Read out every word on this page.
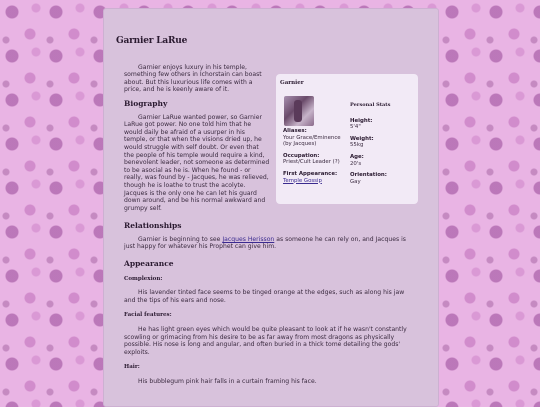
Garnier LaRue

Garnier enjoys luxury in his temple, something few others in Ichorstain can boast about. But this luxurious life comes with a price, and he is keenly aware of it.

Biography

Garnier LaRue wanted power, so Garnier LaRue got power. No one told him that he would daily be afraid of a usurper in his temple, or that when the visions dried up, he would struggle with self doubt. Or even that the people of his temple would require a kind, benevolent leader, not someone as determined to be asocial as he is. When he found - or really, was found by - Jacques, he was relieved, though he is loathe to trust the acolyte. Jacques is the only one he can let his guard down around, and be his normal awkward and grumpy self.

Relationships

Garnier is beginning to see Jacques Herisson as someone he can rely on, and Jacques is just happy for whatever his Prophet can give him.

Appearance
Complexion:

His lavender tinted face seems to be tinged orange at the edges, such as along his jaw and the tips of his ears and nose.

Facial features:

He has light green eyes which would be quite pleasant to look at if he wasn't constantly scowling or grimacing from his desire to be as far away from most dragons as physically possible. His nose is long and angular, and often buried in a thick tome detailing the gods' exploits.

Hair:

His bubblegum pink hair falls in a curtain framing his face.

Garnier
Aliases:
Your Grace/Eminence (by Jacques)
Occupation:
Priest/Cult Leader (?)
First Appearance:
Temple Gossip
Personal Stats
Height:
5'4"
Weight:
55kg
Age:
20's
Orientation:
Gay
